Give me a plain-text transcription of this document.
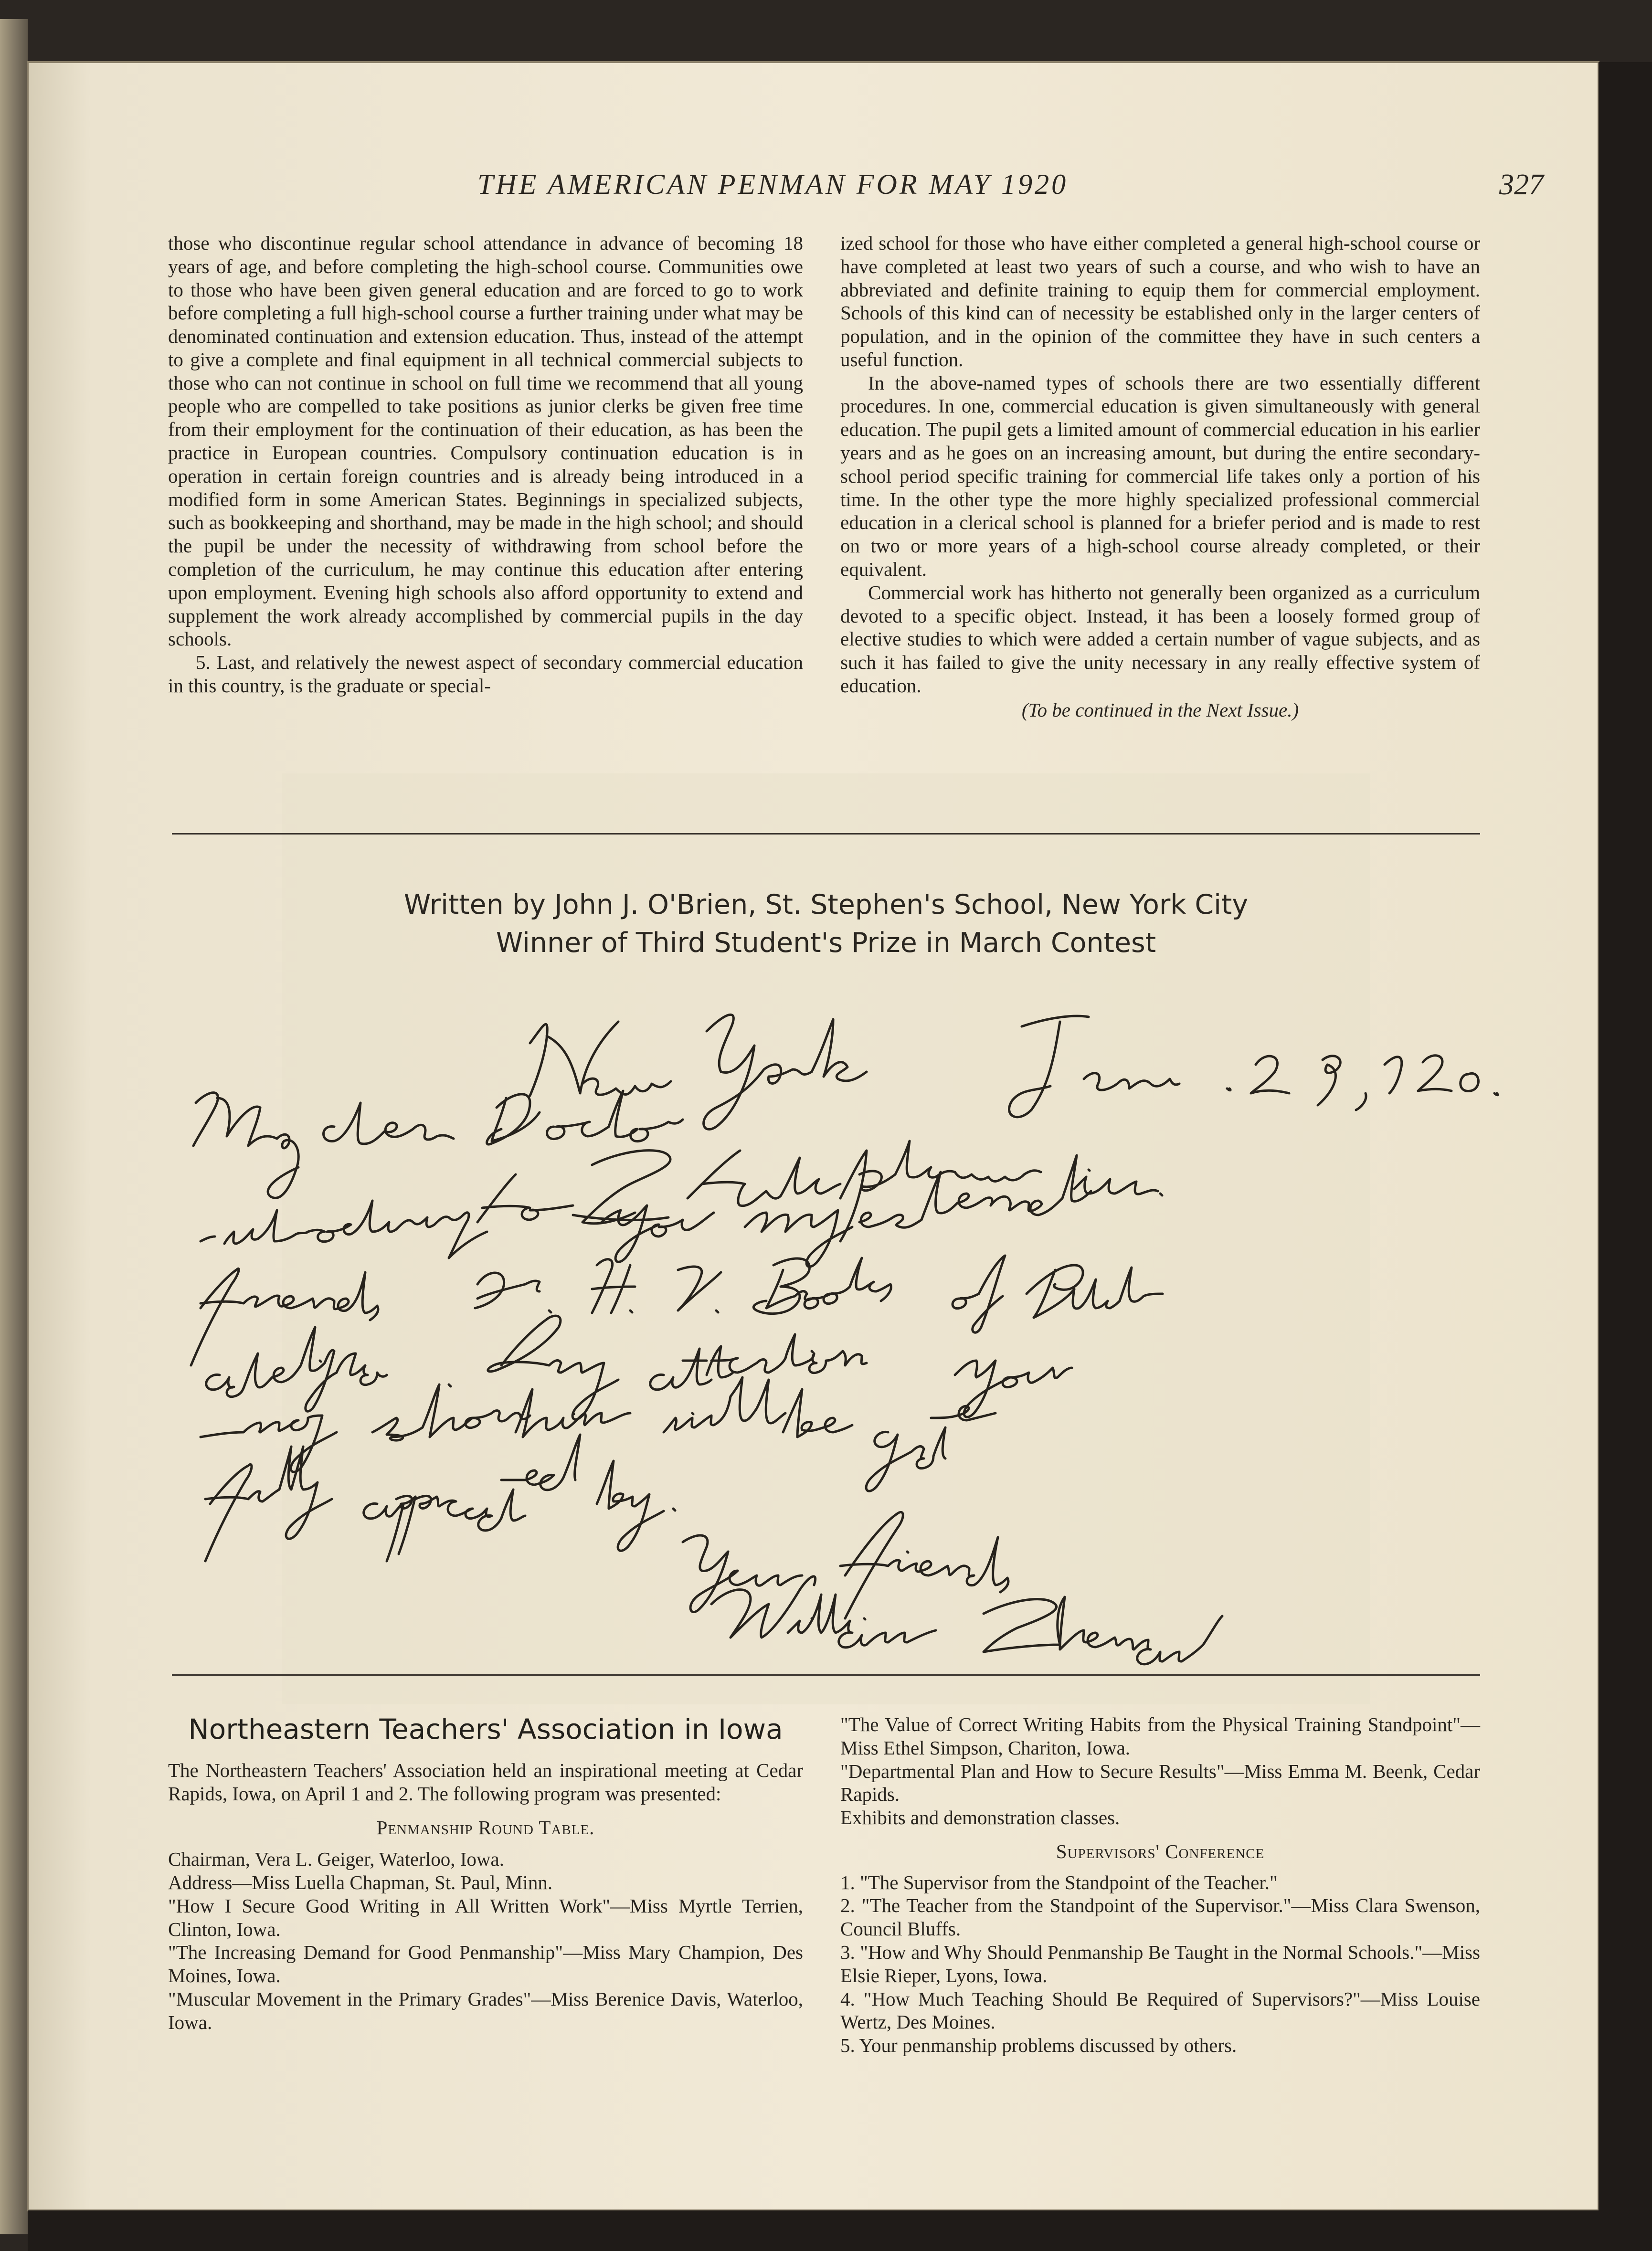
THE AMERICAN PENMAN FOR MAY 1920	327

those who discontinue regular school attendance in advance of becoming 18 years of age, and before completing the high-school course. Communities owe to those who have been given general education and are forced to go to work before completing a full high-school course a further training under what may be denominated continuation and extension education. Thus, instead of the attempt to give a complete and final equipment in all technical commercial subjects to those who can not continue in school on full time we recommend that all young people who are compelled to take positions as junior clerks be given free time from their employment for the continuation of their education, as has been the practice in European countries. Compulsory continuation education is in operation in certain foreign countries and is already being introduced in a modified form in some American States. Beginnings in specialized subjects, such as bookkeeping and shorthand, may be made in the high school; and should the pupil be under the necessity of withdrawing from school before the completion of the curriculum, he may continue this education after entering upon employment. Evening high schools also afford opportunity to extend and supplement the work already accomplished by commercial pupils in the day schools.

5. Last, and relatively the newest aspect of secondary commercial education in this country, is the graduate or special-

ized school for those who have either completed a general high-school course or have completed at least two years of such a course, and who wish to have an abbreviated and definite training to equip them for commercial employment. Schools of this kind can of necessity be established only in the larger centers of population, and in the opinion of the committee they have in such centers a useful function.

In the above-named types of schools there are two essentially different procedures. In one, commercial education is given simultaneously with general education. The pupil gets a limited amount of commercial education in his earlier years and as he goes on an increasing amount, but during the entire secondary-school period specific training for commercial life takes only a portion of his time. In the other type the more highly specialized professional commercial education in a clerical school is planned for a briefer period and is made to rest on two or more years of a high-school course already completed, or their equivalent.

Commercial work has hitherto not generally been organized as a curriculum devoted to a specific object. Instead, it has been a loosely formed group of elective studies to which were added a certain number of vague subjects, and as such it has failed to give the unity necessary in any really effective system of education.

(To be continued in the Next Issue.)

Written by John J. O'Brien, St. Stephen's School, New York City
Winner of Third Student's Prize in March Contest
Northeastern Teachers' Association in Iowa

The Northeastern Teachers' Association held an inspirational meeting at Cedar Rapids, Iowa, on April 1 and 2. The following program was presented:

Penmanship Round Table.

Chairman, Vera L. Geiger, Waterloo, Iowa.

Address—Miss Luella Chapman, St. Paul, Minn.

"How I Secure Good Writing in All Written Work"—Miss Myrtle Terrien, Clinton, Iowa.

"The Increasing Demand for Good Penmanship"—Miss Mary Champion, Des Moines, Iowa.

"Muscular Movement in the Primary Grades"—Miss Berenice Davis, Waterloo, Iowa.

"The Value of Correct Writing Habits from the Physical Training Standpoint"—Miss Ethel Simpson, Chariton, Iowa.

"Departmental Plan and How to Secure Results"—Miss Emma M. Beenk, Cedar Rapids.

Exhibits and demonstration classes.

Supervisors' Conference

1. "The Supervisor from the Standpoint of the Teacher."

2. "The Teacher from the Standpoint of the Supervisor."—Miss Clara Swenson, Council Bluffs.

3. "How and Why Should Penmanship Be Taught in the Normal Schools."—Miss Elsie Rieper, Lyons, Iowa.

4. "How Much Teaching Should Be Required of Supervisors?"—Miss Louise Wertz, Des Moines.

5. Your penmanship problems discussed by others.
